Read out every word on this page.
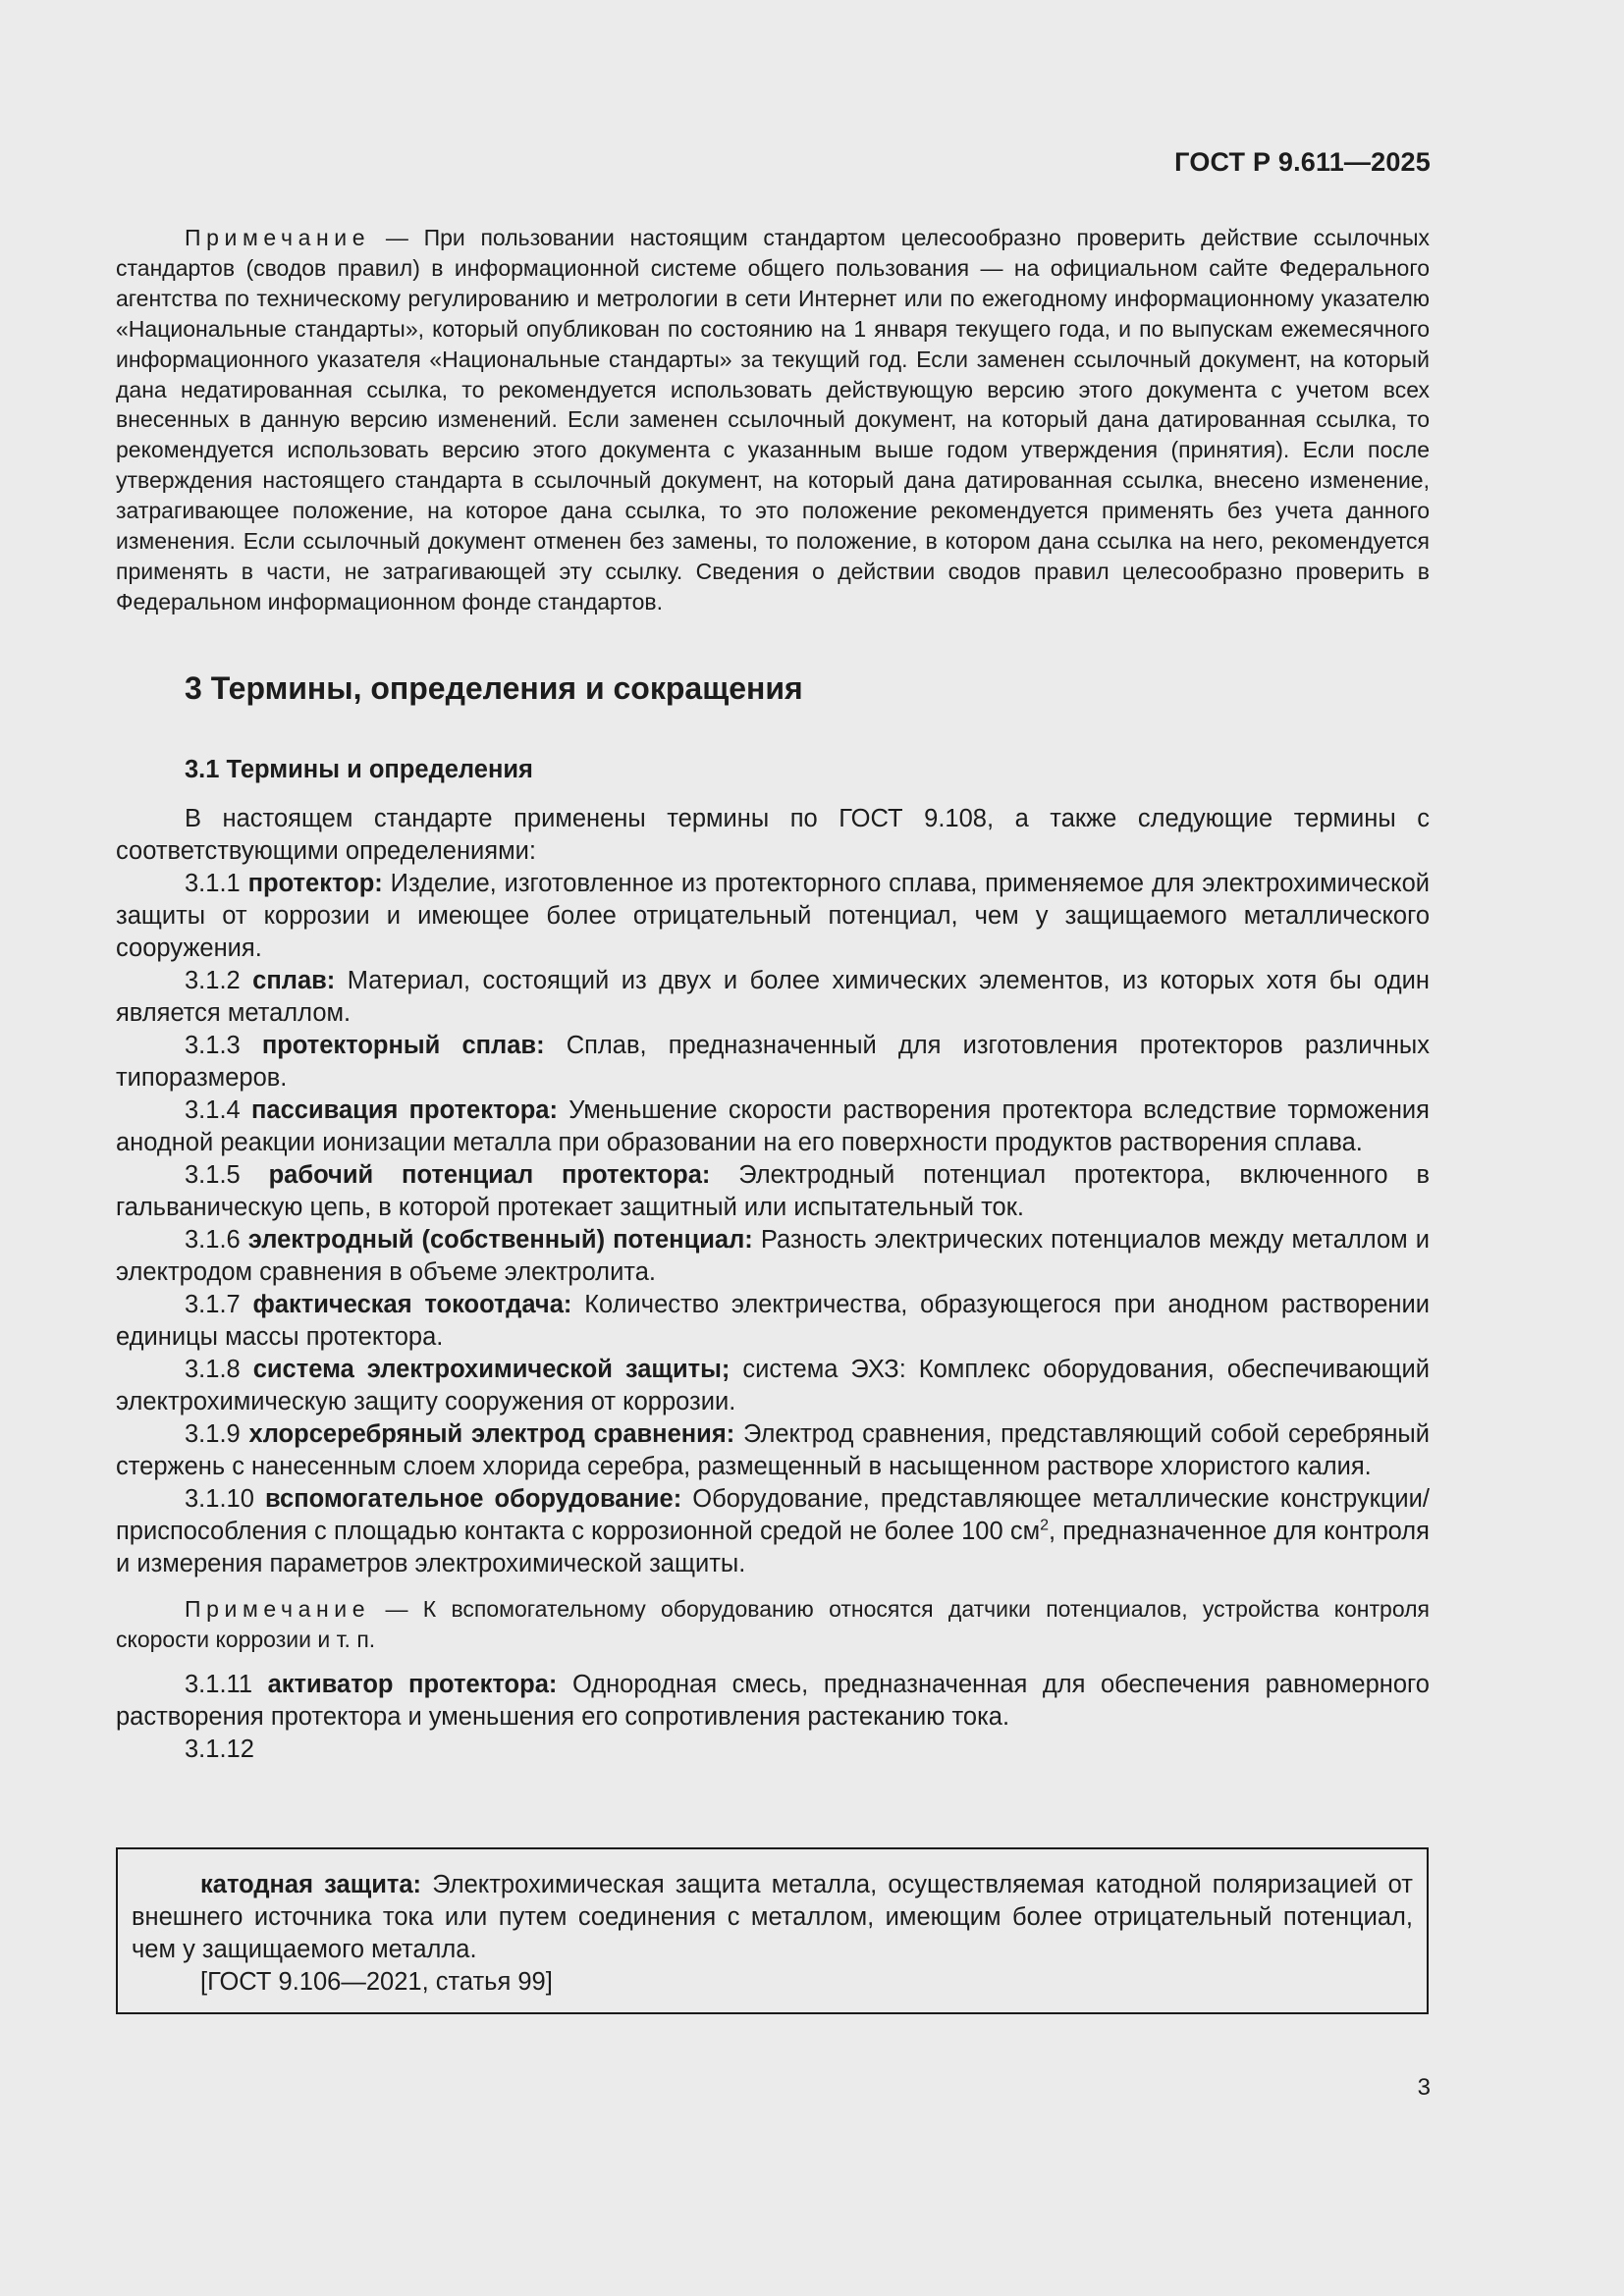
ГОСТ Р 9.611—2025

Примечание — При пользовании настоящим стандартом целесообразно проверить действие ссылочных стандартов (сводов правил) в информационной системе общего пользования — на официальном сайте Федерального агентства по техническому регулированию и метрологии в сети Интернет или по ежегодному информационному указателю «Национальные стандарты», который опубликован по состоянию на 1 января текущего года, и по выпускам ежемесячного информационного указателя «Национальные стандарты» за текущий год. Если заменен ссылочный документ, на который дана недатированная ссылка, то рекомендуется использовать действующую версию этого документа с учетом всех внесенных в данную версию изменений. Если заменен ссылочный документ, на который дана датированная ссылка, то рекомендуется использовать версию этого документа с указанным выше годом утверждения (принятия). Если после утверждения настоящего стандарта в ссылочный документ, на который дана датированная ссылка, внесено изменение, затрагивающее положение, на которое дана ссылка, то это положение рекомендуется применять без учета данного изменения. Если ссылочный документ отменен без замены, то положение, в котором дана ссылка на него, рекомендуется применять в части, не затрагивающей эту ссылку. Сведения о действии сводов правил целесообразно проверить в Федеральном информационном фонде стандартов.

3 Термины, определения и сокращения
3.1 Термины и определения

В настоящем стандарте применены термины по ГОСТ 9.108, а также следующие термины с соответствующими определениями:

3.1.1 протектор: Изделие, изготовленное из протекторного сплава, применяемое для электрохимической защиты от коррозии и имеющее более отрицательный потенциал, чем у защищаемого металлического сооружения.

3.1.2 сплав: Материал, состоящий из двух и более химических элементов, из которых хотя бы один является металлом.

3.1.3 протекторный сплав: Сплав, предназначенный для изготовления протекторов различных типоразмеров.

3.1.4 пассивация протектора: Уменьшение скорости растворения протектора вследствие торможения анодной реакции ионизации металла при образовании на его поверхности продуктов растворения сплава.

3.1.5 рабочий потенциал протектора: Электродный потенциал протектора, включенного в гальваническую цепь, в которой протекает защитный или испытательный ток.

3.1.6 электродный (собственный) потенциал: Разность электрических потенциалов между металлом и электродом сравнения в объеме электролита.

3.1.7 фактическая токоотдача: Количество электричества, образующегося при анодном растворении единицы массы протектора.

3.1.8 система электрохимической защиты; система ЭХЗ: Комплекс оборудования, обеспечивающий электрохимическую защиту сооружения от коррозии.

3.1.9 хлорсеребряный электрод сравнения: Электрод сравнения, представляющий собой серебряный стержень с нанесенным слоем хлорида серебра, размещенный в насыщенном растворе хлористого калия.

3.1.10 вспомогательное оборудование: Оборудование, представляющее металлические конструкции/приспособления с площадью контакта с коррозионной средой не более 100 $см^2$, предназначенное для контроля и измерения параметров электрохимической защиты.

Примечание — К вспомогательному оборудованию относятся датчики потенциалов, устройства контроля скорости коррозии и т. п.

3.1.11 активатор протектора: Однородная смесь, предназначенная для обеспечения равномерного растворения протектора и уменьшения его сопротивления растеканию тока.

3.1.12

катодная защита: Электрохимическая защита металла, осуществляемая катодной поляризацией от внешнего источника тока или путем соединения с металлом, имеющим более отрицательный потенциал, чем у защищаемого металла.

[ГОСТ 9.106—2021, статья 99]

3
